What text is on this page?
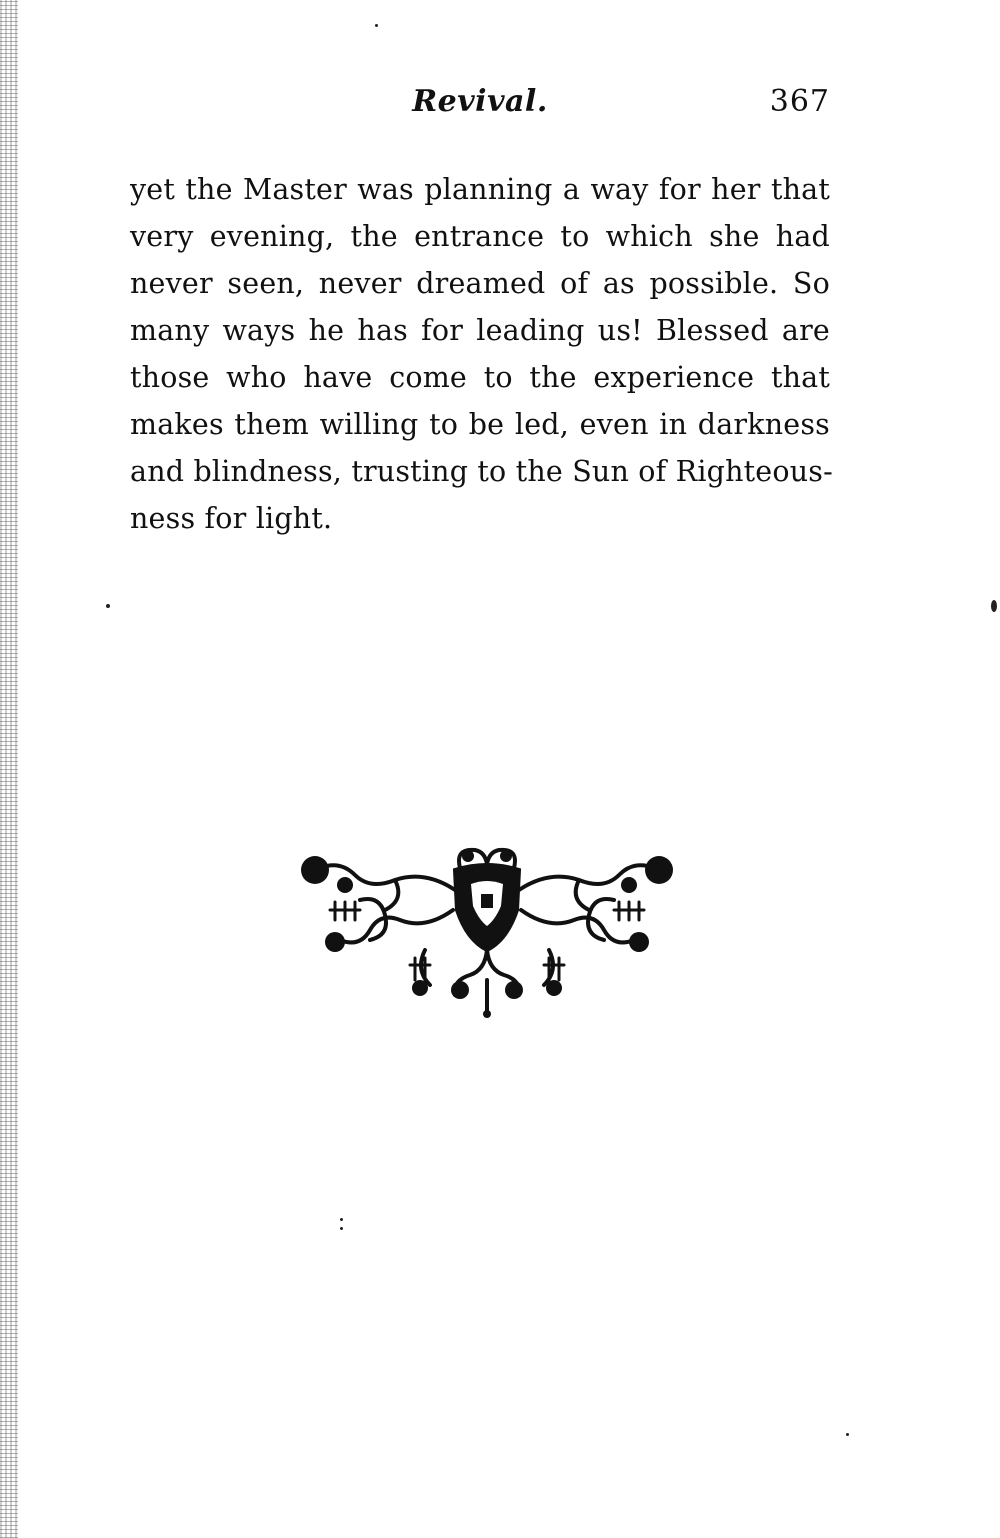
Revival.	367
yet the Master was planning a way for her that
very evening, the entrance to which she had
never seen, never dreamed of as possible. So
many ways he has for leading us! Blessed are
those who have come to the experience that
makes them willing to be led, even in darkness
and blindness, trusting to the Sun of Righteous-
ness for light.
